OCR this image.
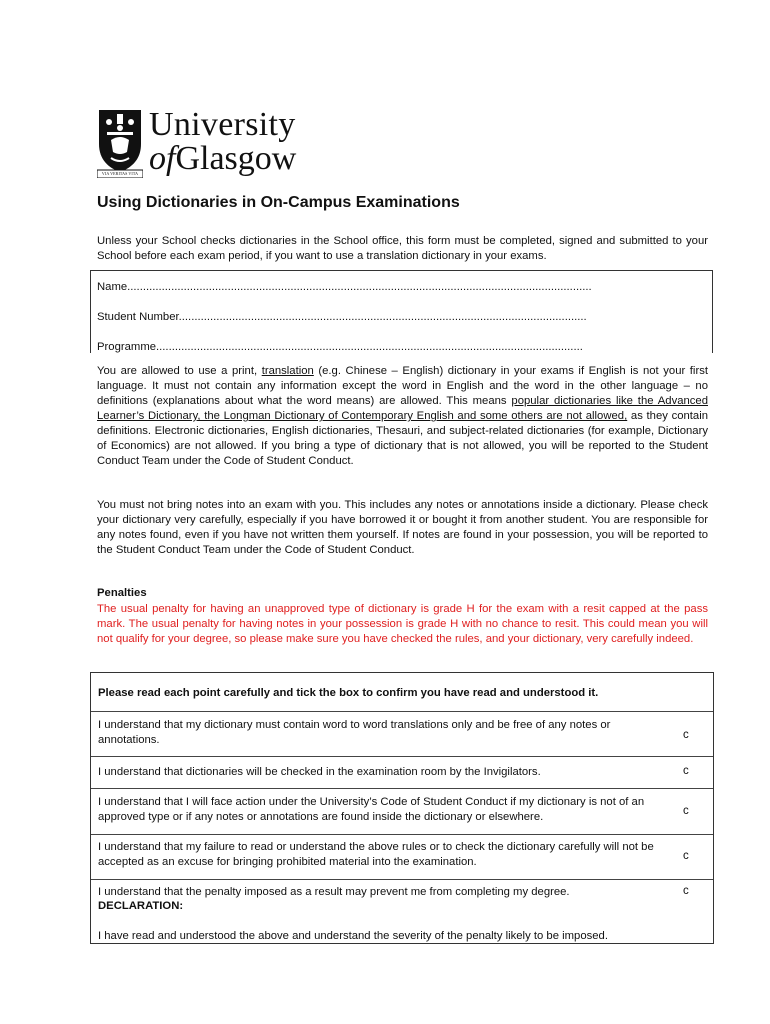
VIA VERITAS VITA
University
ofGlasgow
Using Dictionaries in On-Campus Examinations

Unless your School checks dictionaries in the School office, this form must be completed, signed and submitted to your School before each exam period, if you want to use a translation dictionary in your exams.

Name....................................................................................................................................................
Student Number..................................................................................................................................
Programme........................................................................................................................................

You are allowed to use a print, translation (e.g. Chinese – English) dictionary in your exams if English is not your first language. It must not contain any information except the word in English and the word in the other language – no definitions (explanations about what the word means) are allowed. This means popular dictionaries like the Advanced Learner’s Dictionary, the Longman Dictionary of Contemporary English and some others are not allowed, as they contain definitions. Electronic dictionaries, English dictionaries, Thesauri, and subject-related dictionaries (for example, Dictionary of Economics) are not allowed. If you bring a type of dictionary that is not allowed, you will be reported to the Student Conduct Team under the Code of Student Conduct.

You must not bring notes into an exam with you. This includes any notes or annotations inside a dictionary. Please check your dictionary very carefully, especially if you have borrowed it or bought it from another student. You are responsible for any notes found, even if you have not written them yourself. If notes are found in your possession, you will be reported to the Student Conduct Team under the Code of Student Conduct.

Penalties

The usual penalty for having an unapproved type of dictionary is grade H for the exam with a resit capped at the pass mark. The usual penalty for having notes in your possession is grade H with no chance to resit. This could mean you will not qualify for your degree, so please make sure you have checked the rules, and your dictionary, very carefully indeed.

Please read each point carefully and tick the box to confirm you have read and understood it.
I understand that my dictionary must contain word to word translations only and be free of any notes or annotations.	c
I understand that dictionaries will be checked in the examination room by the Invigilators.	c
I understand that I will face action under the University’s Code of Student Conduct if my dictionary is not of an approved type or if any notes or annotations are found inside the dictionary or elsewhere.	c
I understand that my failure to read or understand the above rules or to check the dictionary carefully will not be accepted as an excuse for bringing prohibited material into the examination.	c
I understand that the penalty imposed as a result may prevent me from completing my degree.	c
DECLARATION:
I have read and understood the above and understand the severity of the penalty likely to be imposed.
